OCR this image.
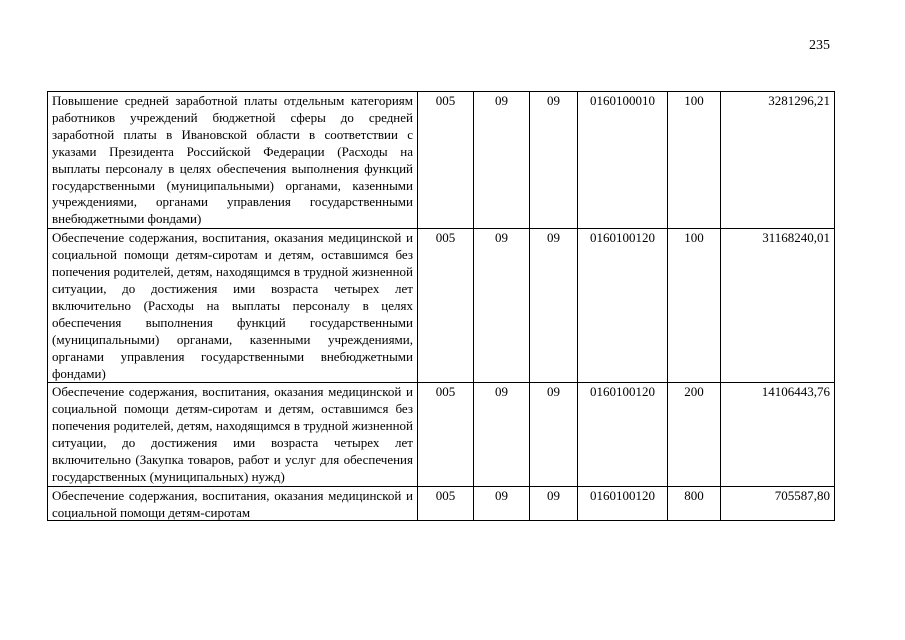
235
Повышение средней заработной платы отдельным категориям работников учреждений бюджетной сферы до средней заработной платы в Ивановской области в соответствии с указами Президента Российской Федерации (Расходы на выплаты персоналу в целях обеспечения выполнения функций государственными (муниципальными) органами, казенными учреждениями, органами управления государственными внебюджетными фондами)	005	09	09	0160100010	100	3281296,21
Обеспечение содержания, воспитания, оказания медицинской и социальной помощи детям-сиротам и детям, оставшимся без попечения родителей, детям, находящимся в трудной жизненной ситуации, до достижения ими возраста четырех лет включительно (Расходы на выплаты персоналу в целях обеспечения выполнения функций государственными (муниципальными) органами, казенными учреждениями, органами управления государственными внебюджетными фондами)	005	09	09	0160100120	100	31168240,01
Обеспечение содержания, воспитания, оказания медицинской и социальной помощи детям-сиротам и детям, оставшимся без попечения родителей, детям, находящимся в трудной жизненной ситуации, до достижения ими возраста четырех лет включительно (Закупка товаров, работ и услуг для обеспечения государственных (муниципальных) нужд)	005	09	09	0160100120	200	14106443,76

Обеспечение содержания, воспитания, оказания медицинской и социальной помощи детям-сиротам	005	09	09	0160100120	800	705587,80
